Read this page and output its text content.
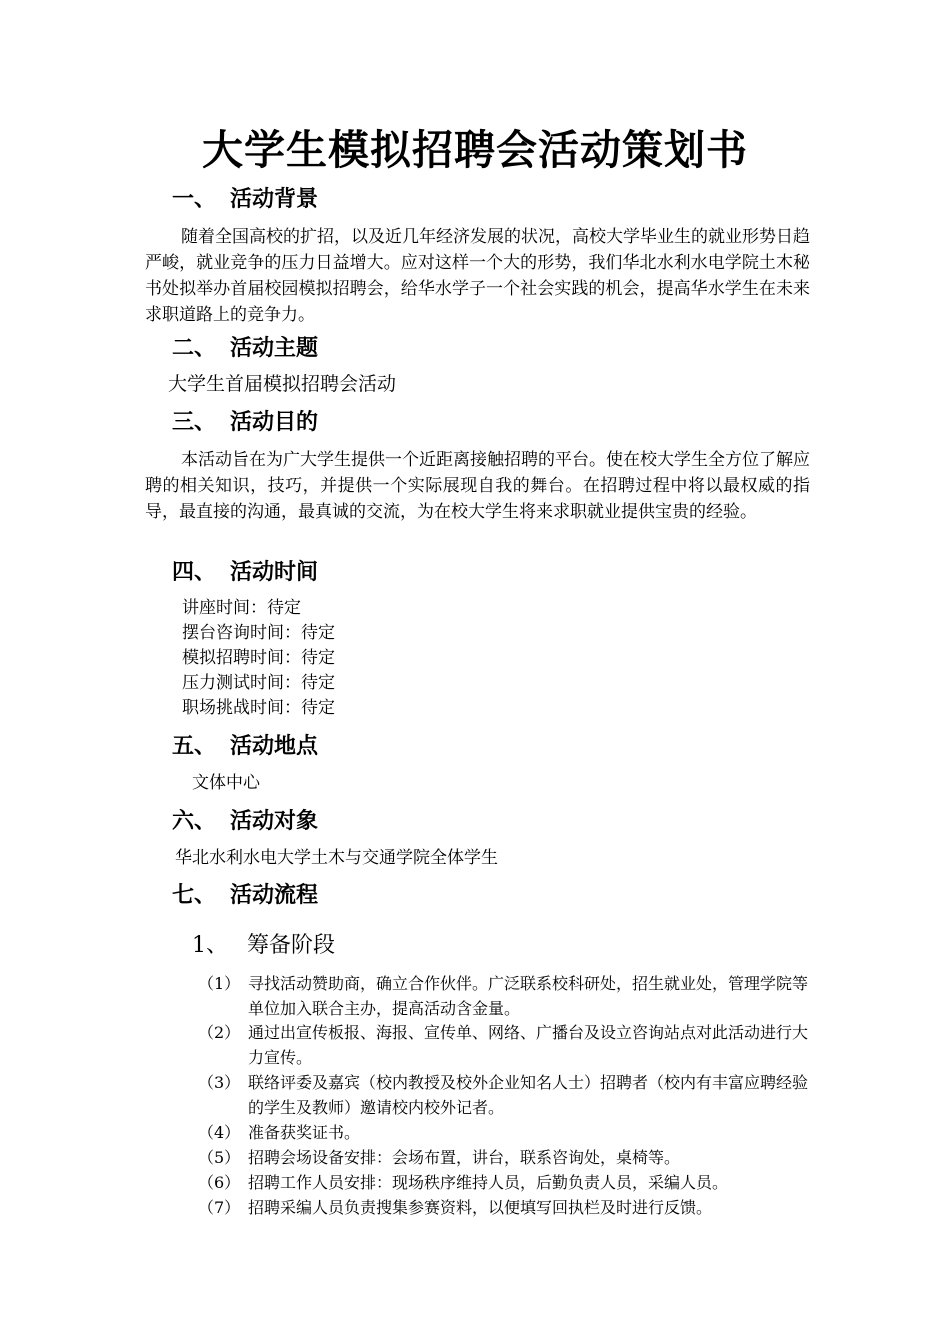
大学生模拟招聘会活动策划书
一、 活动背景
随着全国高校的扩招，以及近几年经济发展的状况，高校大学毕业生的就业形势日趋严峻，就业竞争的压力日益增大。应对这样一个大的形势，我们华北水利水电学院土木秘书处拟举办首届校园模拟招聘会，给华水学子一个社会实践的机会，提高华水学生在未来求职道路上的竞争力。
二、 活动主题
大学生首届模拟招聘会活动
三、 活动目的
本活动旨在为广大学生提供一个近距离接触招聘的平台。使在校大学生全方位了解应聘的相关知识，技巧，并提供一个实际展现自我的舞台。在招聘过程中将以最权威的指导，最直接的沟通，最真诚的交流，为在校大学生将来求职就业提供宝贵的经验。
四、 活动时间
讲座时间：待定
摆台咨询时间：待定
模拟招聘时间：待定
压力测试时间：待定
职场挑战时间：待定
五、 活动地点
文体中心
六、 活动对象
华北水利水电大学土木与交通学院全体学生
七、 活动流程
1、 筹备阶段
（1） 寻找活动赞助商，确立合作伙伴。广泛联系校科研处，招生就业处，管理学院等单位加入联合主办，提高活动含金量。
（2） 通过出宣传板报、海报、宣传单、网络、广播台及设立咨询站点对此活动进行大力宣传。
（3） 联络评委及嘉宾（校内教授及校外企业知名人士）招聘者（校内有丰富应聘经验的学生及教师）邀请校内校外记者。
（4） 准备获奖证书。
（5） 招聘会场设备安排：会场布置，讲台，联系咨询处，桌椅等。
（6） 招聘工作人员安排：现场秩序维持人员，后勤负责人员，采编人员。
（7） 招聘采编人员负责搜集参赛资料，以便填写回执栏及时进行反馈。
